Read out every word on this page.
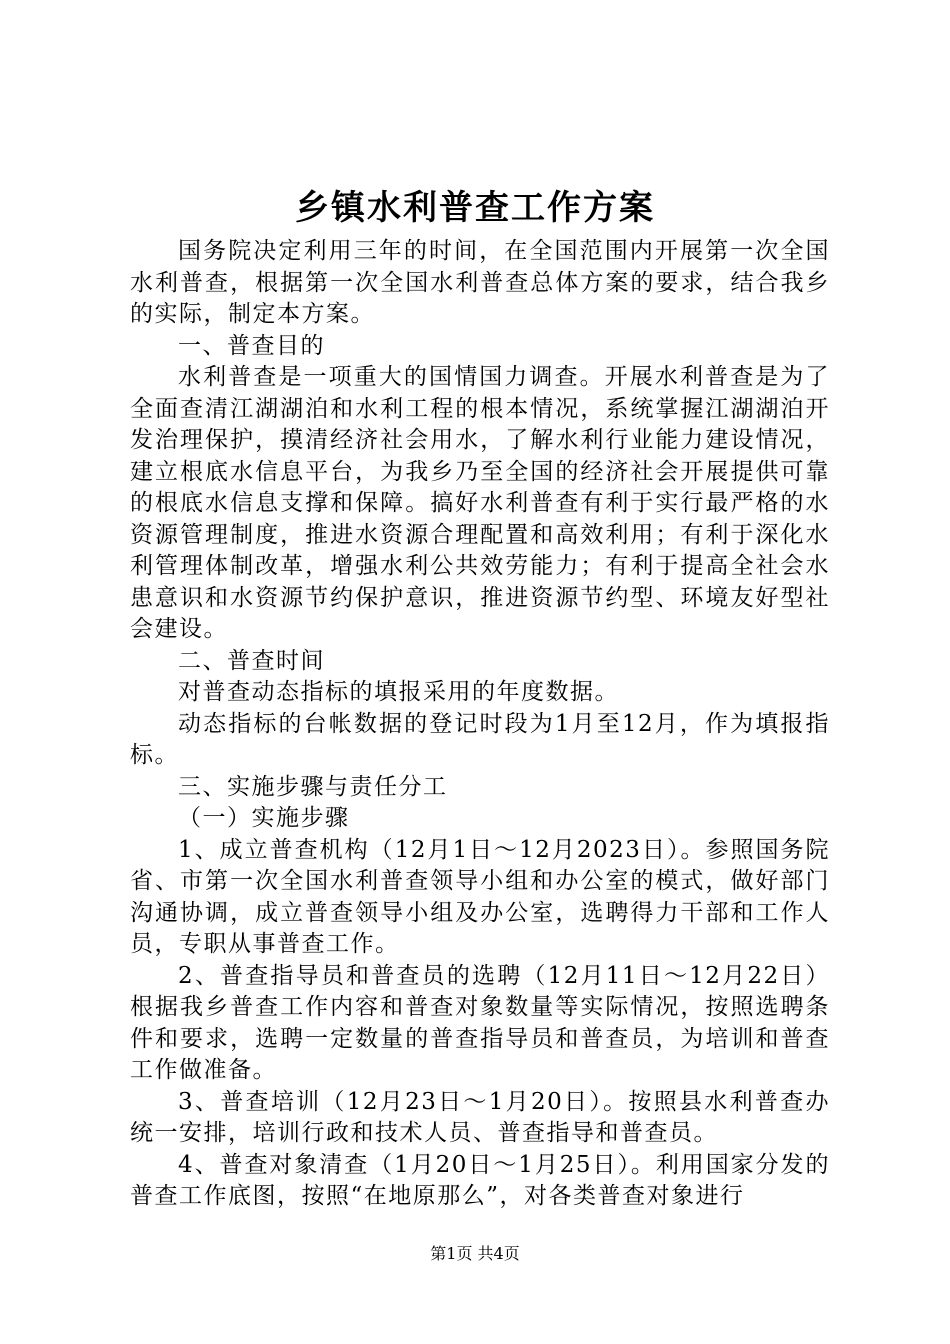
乡镇水利普查工作方案

国务院决定利用三年的时间，在全国范围内开展第一次全国水利普查，根据第一次全国水利普查总体方案的要求，结合我乡的实际，制定本方案。

一、普查目的

水利普查是一项重大的国情国力调查。开展水利普查是为了全面查清江湖湖泊和水利工程的根本情况，系统掌握江湖湖泊开发治理保护，摸清经济社会用水，了解水利行业能力建设情况，建立根底水信息平台，为我乡乃至全国的经济社会开展提供可靠的根底水信息支撑和保障。搞好水利普查有利于实行最严格的水资源管理制度，推进水资源合理配置和高效利用；有利于深化水利管理体制改革，增强水利公共效劳能力；有利于提高全社会水患意识和水资源节约保护意识，推进资源节约型、环境友好型社会建设。

二、普查时间

对普查动态指标的填报采用的年度数据。

动态指标的台帐数据的登记时段为1月至12月，作为填报指标。

三、实施步骤与责任分工

（一）实施步骤

1、成立普查机构（12月1日～12月2023日）。参照国务院省、市第一次全国水利普查领导小组和办公室的模式，做好部门沟通协调，成立普查领导小组及办公室，选聘得力干部和工作人员，专职从事普查工作。

2、普查指导员和普查员的选聘（12月11日～12月22日）根据我乡普查工作内容和普查对象数量等实际情况，按照选聘条件和要求，选聘一定数量的普查指导员和普查员，为培训和普查工作做准备。

3、普查培训（12月23日～1月20日）。按照县水利普查办统一安排，培训行政和技术人员、普查指导和普查员。

4、普查对象清查（1月20日～1月25日）。利用国家分发的普查工作底图，按照“在地原那么”，对各类普查对象进行

第1页 共4页
